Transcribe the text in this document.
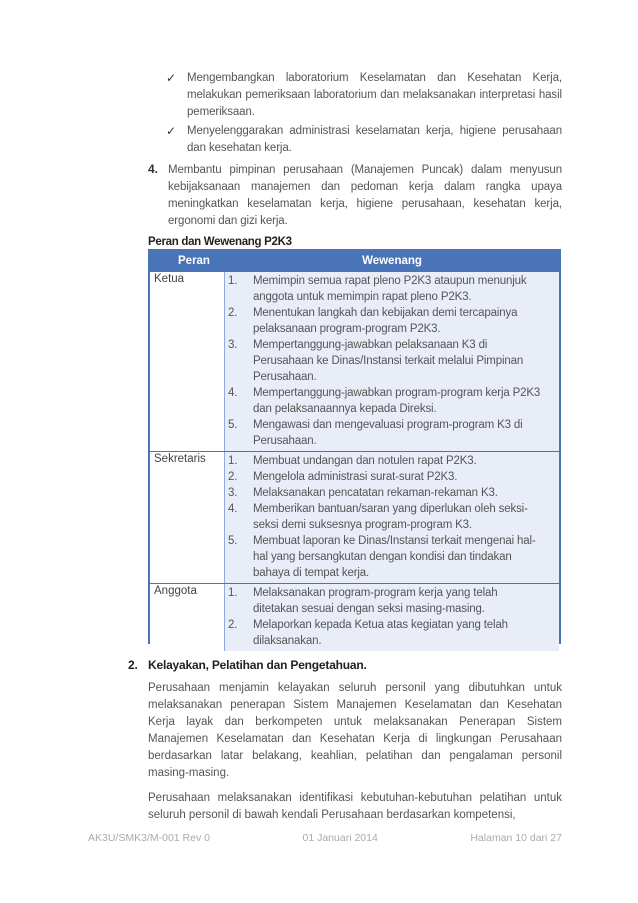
✓ Mengembangkan laboratorium Keselamatan dan Kesehatan Kerja, melakukan pemeriksaan laboratorium dan melaksanakan interpretasi hasil pemeriksaan.
✓ Menyelenggarakan administrasi keselamatan kerja, higiene perusahaan dan kesehatan kerja.
4. Membantu pimpinan perusahaan (Manajemen Puncak) dalam menyusun kebijaksanaan manajemen dan pedoman kerja dalam rangka upaya meningkatkan keselamatan kerja, higiene perusahaan, kesehatan kerja, ergonomi dan gizi kerja.
Peran dan Wewenang P2K3
Peran	Wewenang
Ketua	1. Memimpin semua rapat pleno P2K3 ataupun menunjuk anggota untuk memimpin rapat pleno P2K3.
2. Menentukan langkah dan kebijakan demi tercapainya pelaksanaan program-program P2K3.
3. Mempertanggung-jawabkan pelaksanaan K3 di Perusahaan ke Dinas/Instansi terkait melalui Pimpinan Perusahaan.
4. Mempertanggung-jawabkan program-program kerja P2K3 dan pelaksanaannya kepada Direksi.
5. Mengawasi dan mengevaluasi program-program K3 di Perusahaan.
Sekretaris	1. Membuat undangan dan notulen rapat P2K3.
2. Mengelola administrasi surat-surat P2K3.
3. Melaksanakan pencatatan rekaman-rekaman K3.
4. Memberikan bantuan/saran yang diperlukan oleh seksi-seksi demi suksesnya program-program K3.
5. Membuat laporan ke Dinas/Instansi terkait mengenai hal-hal yang bersangkutan dengan kondisi dan tindakan bahaya di tempat kerja.
Anggota	1. Melaksanakan program-program kerja yang telah ditetakan sesuai dengan seksi masing-masing.
2. Melaporkan kepada Ketua atas kegiatan yang telah dilaksanakan.
2. Kelayakan, Pelatihan dan Pengetahuan.
Perusahaan menjamin kelayakan seluruh personil yang dibutuhkan untuk melaksanakan penerapan Sistem Manajemen Keselamatan dan Kesehatan Kerja layak dan berkompeten untuk melaksanakan Penerapan Sistem Manajemen Keselamatan dan Kesehatan Kerja di lingkungan Perusahaan berdasarkan latar belakang, keahlian, pelatihan dan pengalaman personil masing-masing.
Perusahaan melaksanakan identifikasi kebutuhan-kebutuhan pelatihan untuk seluruh personil di bawah kendali Perusahaan berdasarkan kompetensi,
AK3U/SMK3/M-001 Rev 0	01 Januari 2014	Halaman 10 dari 27
